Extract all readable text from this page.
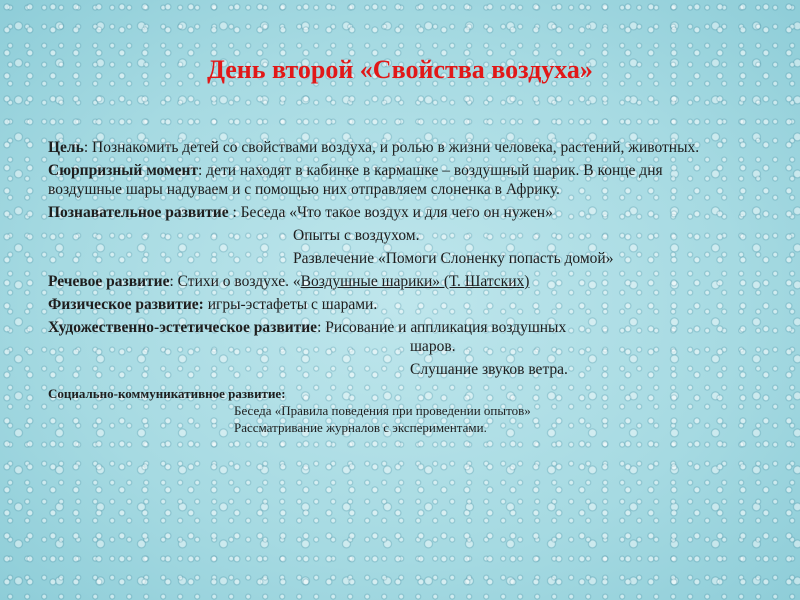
День второй «Свойства воздуха»

Цель: Познакомить детей со свойствами воздуха, и ролью в жизни человека, растений, животных.

Сюрпризный момент: дети находят в кабинке в кармашке – воздушный шарик. В конце дня воздушные шары надуваем и с помощью них отправляем слоненка в Африку.

Познавательное развитие : Беседа «Что такое воздух и для чего он нужен»

Опыты с воздухом.
Развлечение «Помоги Слоненку попасть домой»

Речевое развитие: Стихи о воздухе. «Воздушные шарики» (Т. Шатских)

Физическое развитие: игры-эстафеты с шарами.

Художественно-эстетическое развитие: Рисование и аппликация воздушных

шаров.
Слушание звуков ветра.
Социально-коммуникативное развитие:
Беседа «Правила поведения при проведении опытов»
Рассматривание журналов с экспериментами.
